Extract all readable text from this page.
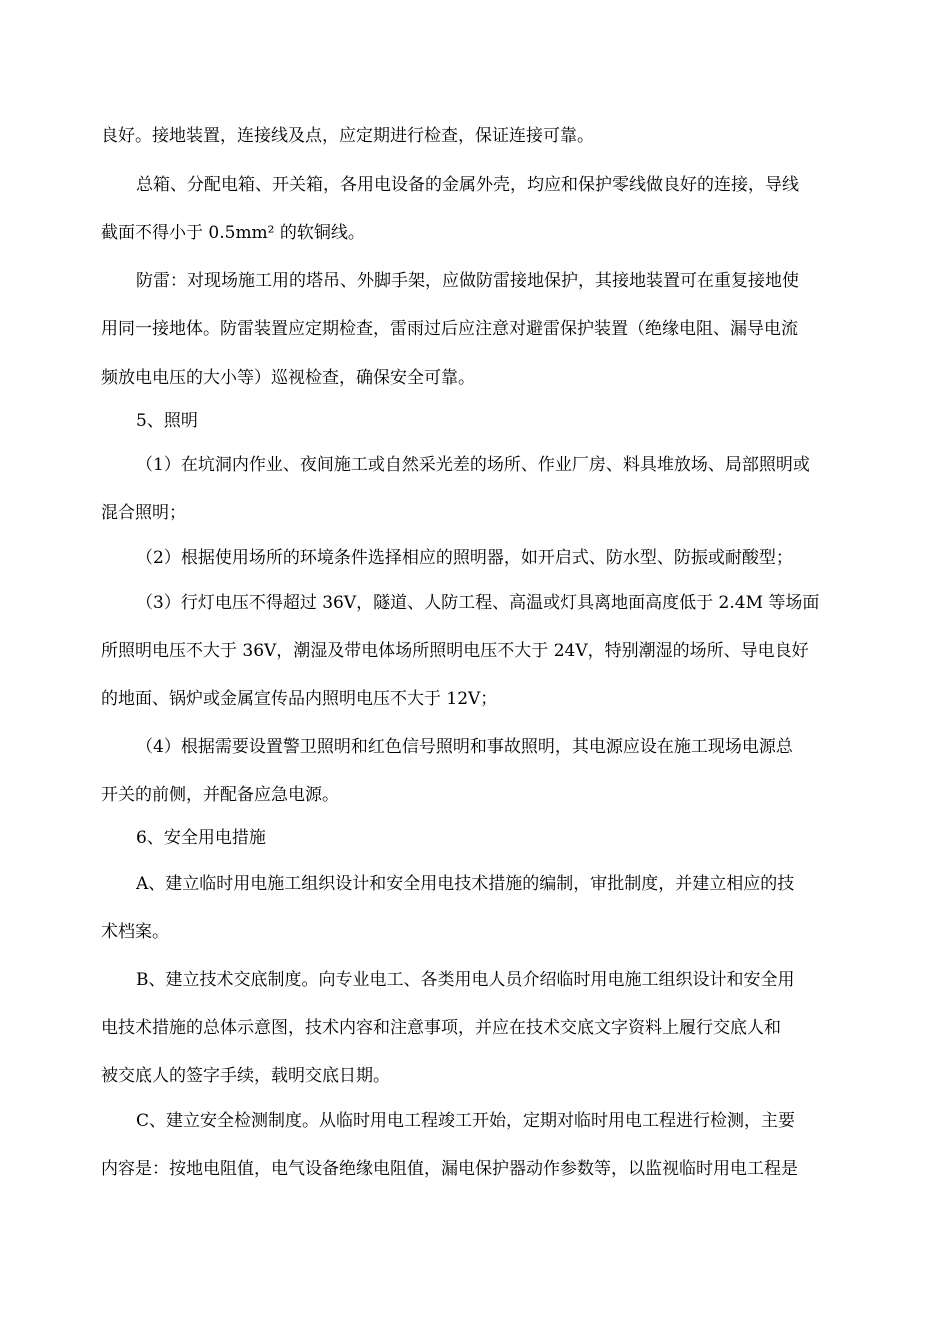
良好。接地装置，连接线及点，应定期进行检查，保证连接可靠。
总箱、分配电箱、开关箱，各用电设备的金属外壳，均应和保护零线做良好的连接，导线
截面不得小于 0.5mm² 的软铜线。
防雷：对现场施工用的塔吊、外脚手架，应做防雷接地保护，其接地装置可在重复接地使
用同一接地体。防雷装置应定期检查，雷雨过后应注意对避雷保护装置（绝缘电阻、漏导电流
频放电电压的大小等）巡视检查，确保安全可靠。
5、照明
（1）在坑洞内作业、夜间施工或自然采光差的场所、作业厂房、料具堆放场、局部照明或
混合照明；
（2）根据使用场所的环境条件选择相应的照明器，如开启式、防水型、防振或耐酸型；
（3）行灯电压不得超过 36V，隧道、人防工程、高温或灯具离地面高度低于 2.4M 等场面
所照明电压不大于 36V，潮湿及带电体场所照明电压不大于 24V，特别潮湿的场所、导电良好
的地面、锅炉或金属宣传品内照明电压不大于 12V；
（4）根据需要设置警卫照明和红色信号照明和事故照明，其电源应设在施工现场电源总
开关的前侧，并配备应急电源。
6、安全用电措施
A、建立临时用电施工组织设计和安全用电技术措施的编制，审批制度，并建立相应的技
术档案。
B、建立技术交底制度。向专业电工、各类用电人员介绍临时用电施工组织设计和安全用
电技术措施的总体示意图，技术内容和注意事项，并应在技术交底文字资料上履行交底人和
被交底人的签字手续，载明交底日期。
C、建立安全检测制度。从临时用电工程竣工开始，定期对临时用电工程进行检测，主要
内容是：按地电阻值，电气设备绝缘电阻值，漏电保护器动作参数等，以监视临时用电工程是
